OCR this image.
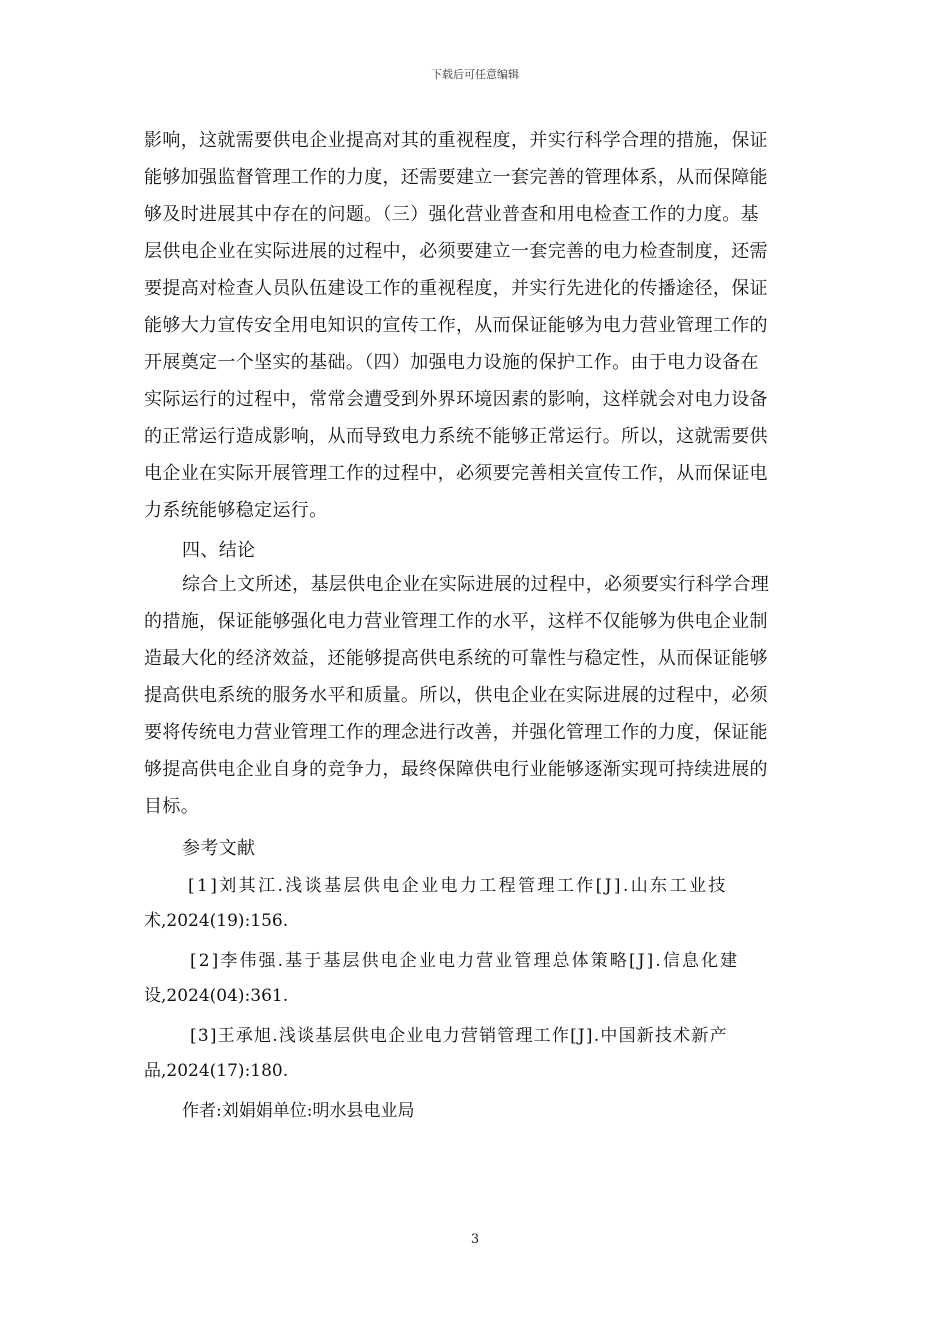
下载后可任意编辑
影响，这就需要供电企业提高对其的重视程度，并实行科学合理的措施，保证
能够加强监督管理工作的力度，还需要建立一套完善的管理体系，从而保障能
够及时进展其中存在的问题。（三）强化营业普查和用电检查工作的力度。基
层供电企业在实际进展的过程中，必须要建立一套完善的电力检查制度，还需
要提高对检查人员队伍建设工作的重视程度，并实行先进化的传播途径，保证
能够大力宣传安全用电知识的宣传工作，从而保证能够为电力营业管理工作的
开展奠定一个坚实的基础。（四）加强电力设施的保护工作。由于电力设备在
实际运行的过程中，常常会遭受到外界环境因素的影响，这样就会对电力设备
的正常运行造成影响，从而导致电力系统不能够正常运行。所以，这就需要供
电企业在实际开展管理工作的过程中，必须要完善相关宣传工作，从而保证电
力系统能够稳定运行。
四、结论
综合上文所述，基层供电企业在实际进展的过程中，必须要实行科学合理
的措施，保证能够强化电力营业管理工作的水平，这样不仅能够为供电企业制
造最大化的经济效益，还能够提高供电系统的可靠性与稳定性，从而保证能够
提高供电系统的服务水平和质量。所以，供电企业在实际进展的过程中，必须
要将传统电力营业管理工作的理念进行改善，并强化管理工作的力度，保证能
够提高供电企业自身的竞争力，最终保障供电行业能够逐渐实现可持续进展的
目标。
参考文献
[1]刘其江.浅谈基层供电企业电力工程管理工作[J].山东工业技
术,2024(19):156.
[2]李伟强.基于基层供电企业电力营业管理总体策略[J].信息化建
设,2024(04):361.
[3]王承旭.浅谈基层供电企业电力营销管理工作[J].中国新技术新产
品,2024(17):180.
作者:刘娟娟单位:明水县电业局
3
